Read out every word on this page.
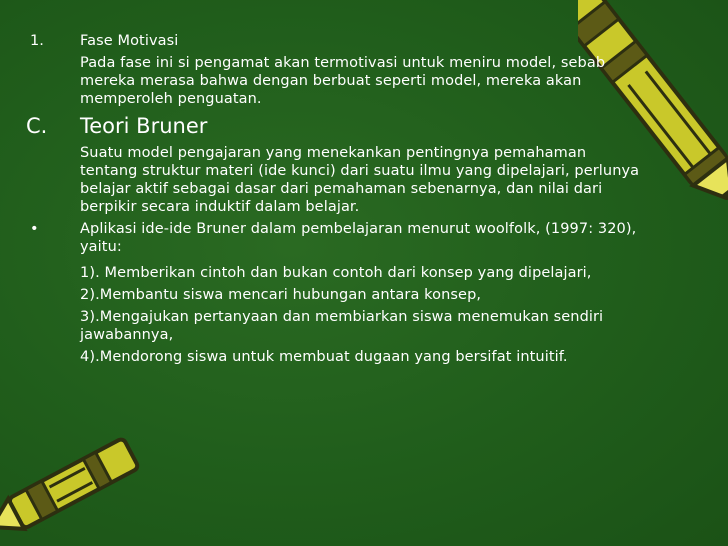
1. Fase Motivasi
Pada fase ini si pengamat akan termotivasi untuk meniru model, sebab mereka merasa bahwa dengan berbuat seperti model, mereka akan memperoleh penguatan.
C. Teori Bruner
Suatu model pengajaran yang menekankan pentingnya pemahaman tentang struktur materi (ide kunci) dari suatu ilmu yang dipelajari, perlunya belajar aktif sebagai dasar dari pemahaman sebenarnya, dan nilai dari berpikir secara induktif dalam belajar.
•	Aplikasi ide-ide Bruner dalam pembelajaran menurut woolfolk, (1997: 320), yaitu:
1). Memberikan cintoh dan bukan contoh dari konsep yang dipelajari,
2).Membantu siswa mencari hubungan antara konsep,
3).Mengajukan pertanyaan dan membiarkan siswa menemukan sendiri jawabannya,
4).Mendorong siswa untuk membuat dugaan yang bersifat intuitif.
